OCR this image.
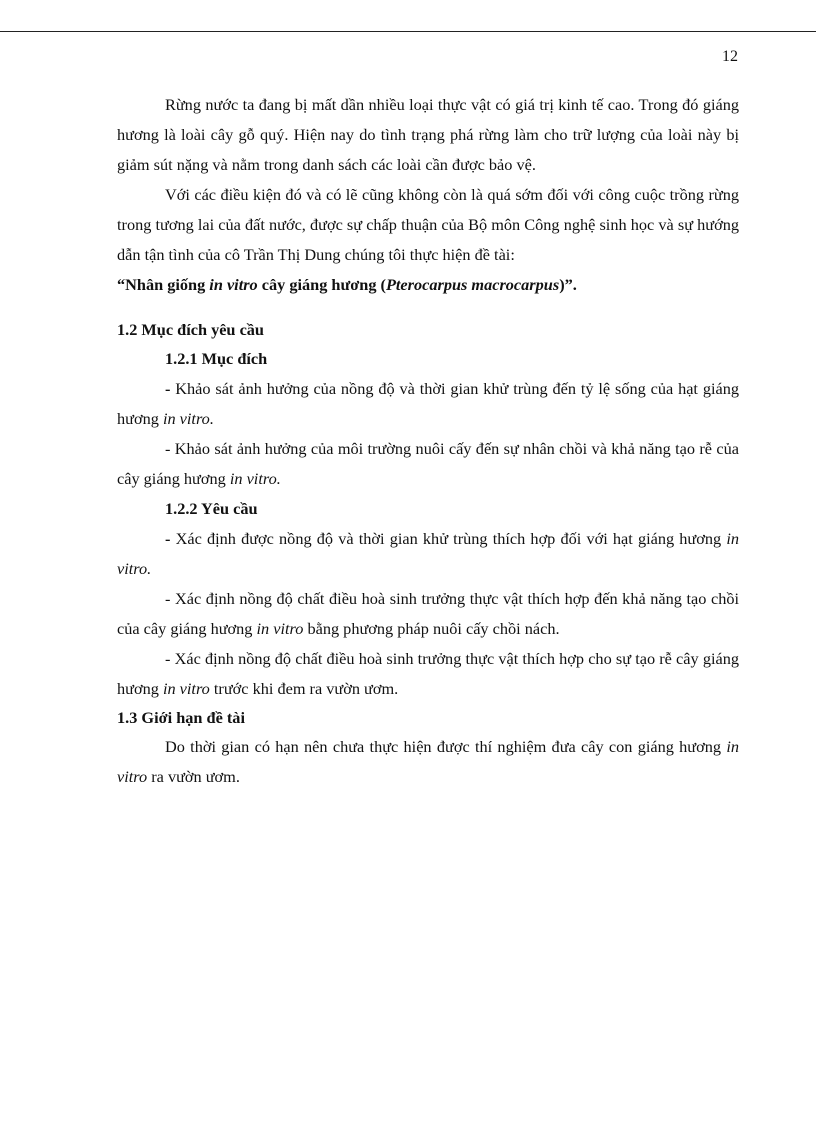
12

Rừng nước ta đang bị mất dần nhiều loại thực vật có giá trị kinh tế cao. Trong đó giáng hương là loài cây gỗ quý. Hiện nay do tình trạng phá rừng làm cho trữ lượng của loài này bị giảm sút nặng và nằm trong danh sách các loài cần được bảo vệ.

Với các điều kiện đó và có lẽ cũng không còn là quá sớm đối với công cuộc trồng rừng trong tương lai của đất nước, được sự chấp thuận của Bộ môn Công nghệ sinh học và sự hướng dẫn tận tình của cô Trần Thị Dung chúng tôi thực hiện đề tài:

“Nhân giống in vitro cây giáng hương (Pterocarpus macrocarpus)”.

1.2 Mục đích yêu cầu

1.2.1 Mục đích

- Khảo sát ảnh hưởng của nồng độ và thời gian khử trùng đến tỷ lệ sống của hạt giáng hương in vitro.

- Khảo sát ảnh hưởng của môi trường nuôi cấy đến sự nhân chồi và khả năng tạo rễ của cây giáng hương in vitro.

1.2.2 Yêu cầu

- Xác định được nồng độ và thời gian khử trùng thích hợp đối với hạt giáng hương in vitro.

- Xác định nồng độ chất điều hoà sinh trưởng thực vật thích hợp đến khả năng tạo chồi của cây giáng hương in vitro bằng phương pháp nuôi cấy chồi nách.

- Xác định nồng độ chất điều hoà sinh trưởng thực vật thích hợp cho sự tạo rễ cây giáng hương in vitro trước khi đem ra vườn ươm.

1.3 Giới hạn đề tài

Do thời gian có hạn nên chưa thực hiện được thí nghiệm đưa cây con giáng hương in vitro ra vườn ươm.
